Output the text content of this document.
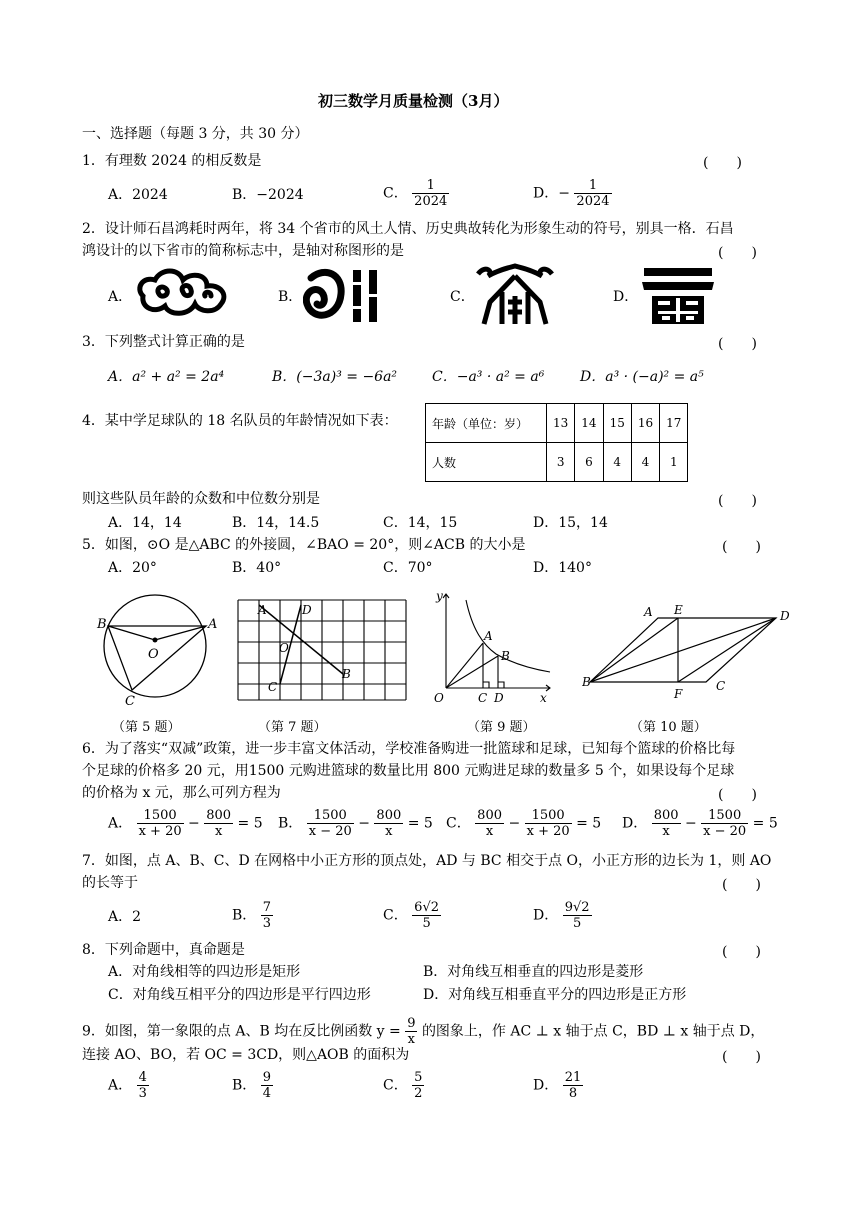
初三数学月质量检测（3月）
一、选择题（每题 3 分，共 30 分）
1．有理数 2024 的相反数是	(　　)
A．2024	B．−2024	C． $\frac{1}{2024}$	D．− $\frac{1}{2024}$
2．设计师石昌鸿耗时两年，将 34 个省市的风土人情、历史典故转化为形象生动的符号，别具一格．石昌
鸿设计的以下省市的简称标志中，是轴对称图形的是	(　　)
A．	B．	C．	D．
3．下列整式计算正确的是	(　　)
A．a² + a² = 2a⁴	B．(−3a)³ = −6a² C．−a³ · a² = a⁶	D．a³ · (−a)² = a⁵
4．某中学足球队的 18 名队员的年龄情况如下表：	年龄（单位：岁）	13	14	15	16	17
人数	3	6	4	4	1
则这些队员年龄的众数和中位数分别是	(　　)
A．14，14	B．14，14.5	C．14，15	D．15，14
5．如图，⊙O 是△ABC 的外接圆，∠BAO = 20°，则∠ACB 的大小是	(　　)
A．20°	B．40°	C．70°	D．140°
B	A
O
C
（第 5 题）
A	D
O
C
B
（第 7 题）
y
A
B
O	C D	x
（第 9 题）
A E	D
B
F
C
（第 10 题）
6．为了落实“双减”政策，进一步丰富文体活动，学校准备购进一批篮球和足球，已知每个篮球的价格比每
个足球的价格多 20 元，用1500 元购进篮球的数量比用 800 元购进足球的数量多 5 个，如果设每个足球
的价格为 x 元，那么可列方程为	(　　)
A． $\frac{1500}{x + 20} - \frac{800}{x} = 5$ B． $\frac{1500}{x - 20} - \frac{800}{x} = 5$ C． $\frac{800}{x} - \frac{1500}{x + 20} = 5$ D． $\frac{800}{x} - \frac{1500}{x - 20} = 5$
7．如图，点 A、B、C、D 在网格中小正方形的顶点处，AD 与 BC 相交于点 O，小正方形的边长为 1，则 AO
的长等于	(　　)
A．2	B． $\frac{7}{3}$	C． $\frac{6√2}{5}$	D． $\frac{9√2}{5}$
8．下列命题中，真命题是	(　　)
A．对角线相等的四边形是矩形	B．对角线互相垂直的四边形是菱形
C．对角线互相平分的四边形是平行四边形	D．对角线互相垂直平分的四边形是正方形
9．如图，第一象限的点 A、B 均在反比例函数 $y = \frac{9}{x}$ 的图象上，作 AC ⊥ x 轴于点 C，BD ⊥ x 轴于点 D，
连接 AO、BO，若 OC = 3CD，则△AOB 的面积为	(　　)
A． $\frac{4}{3}$	B． $\frac{9}{4}$	C． $\frac{5}{2}$	D． $\frac{21}{8}$
